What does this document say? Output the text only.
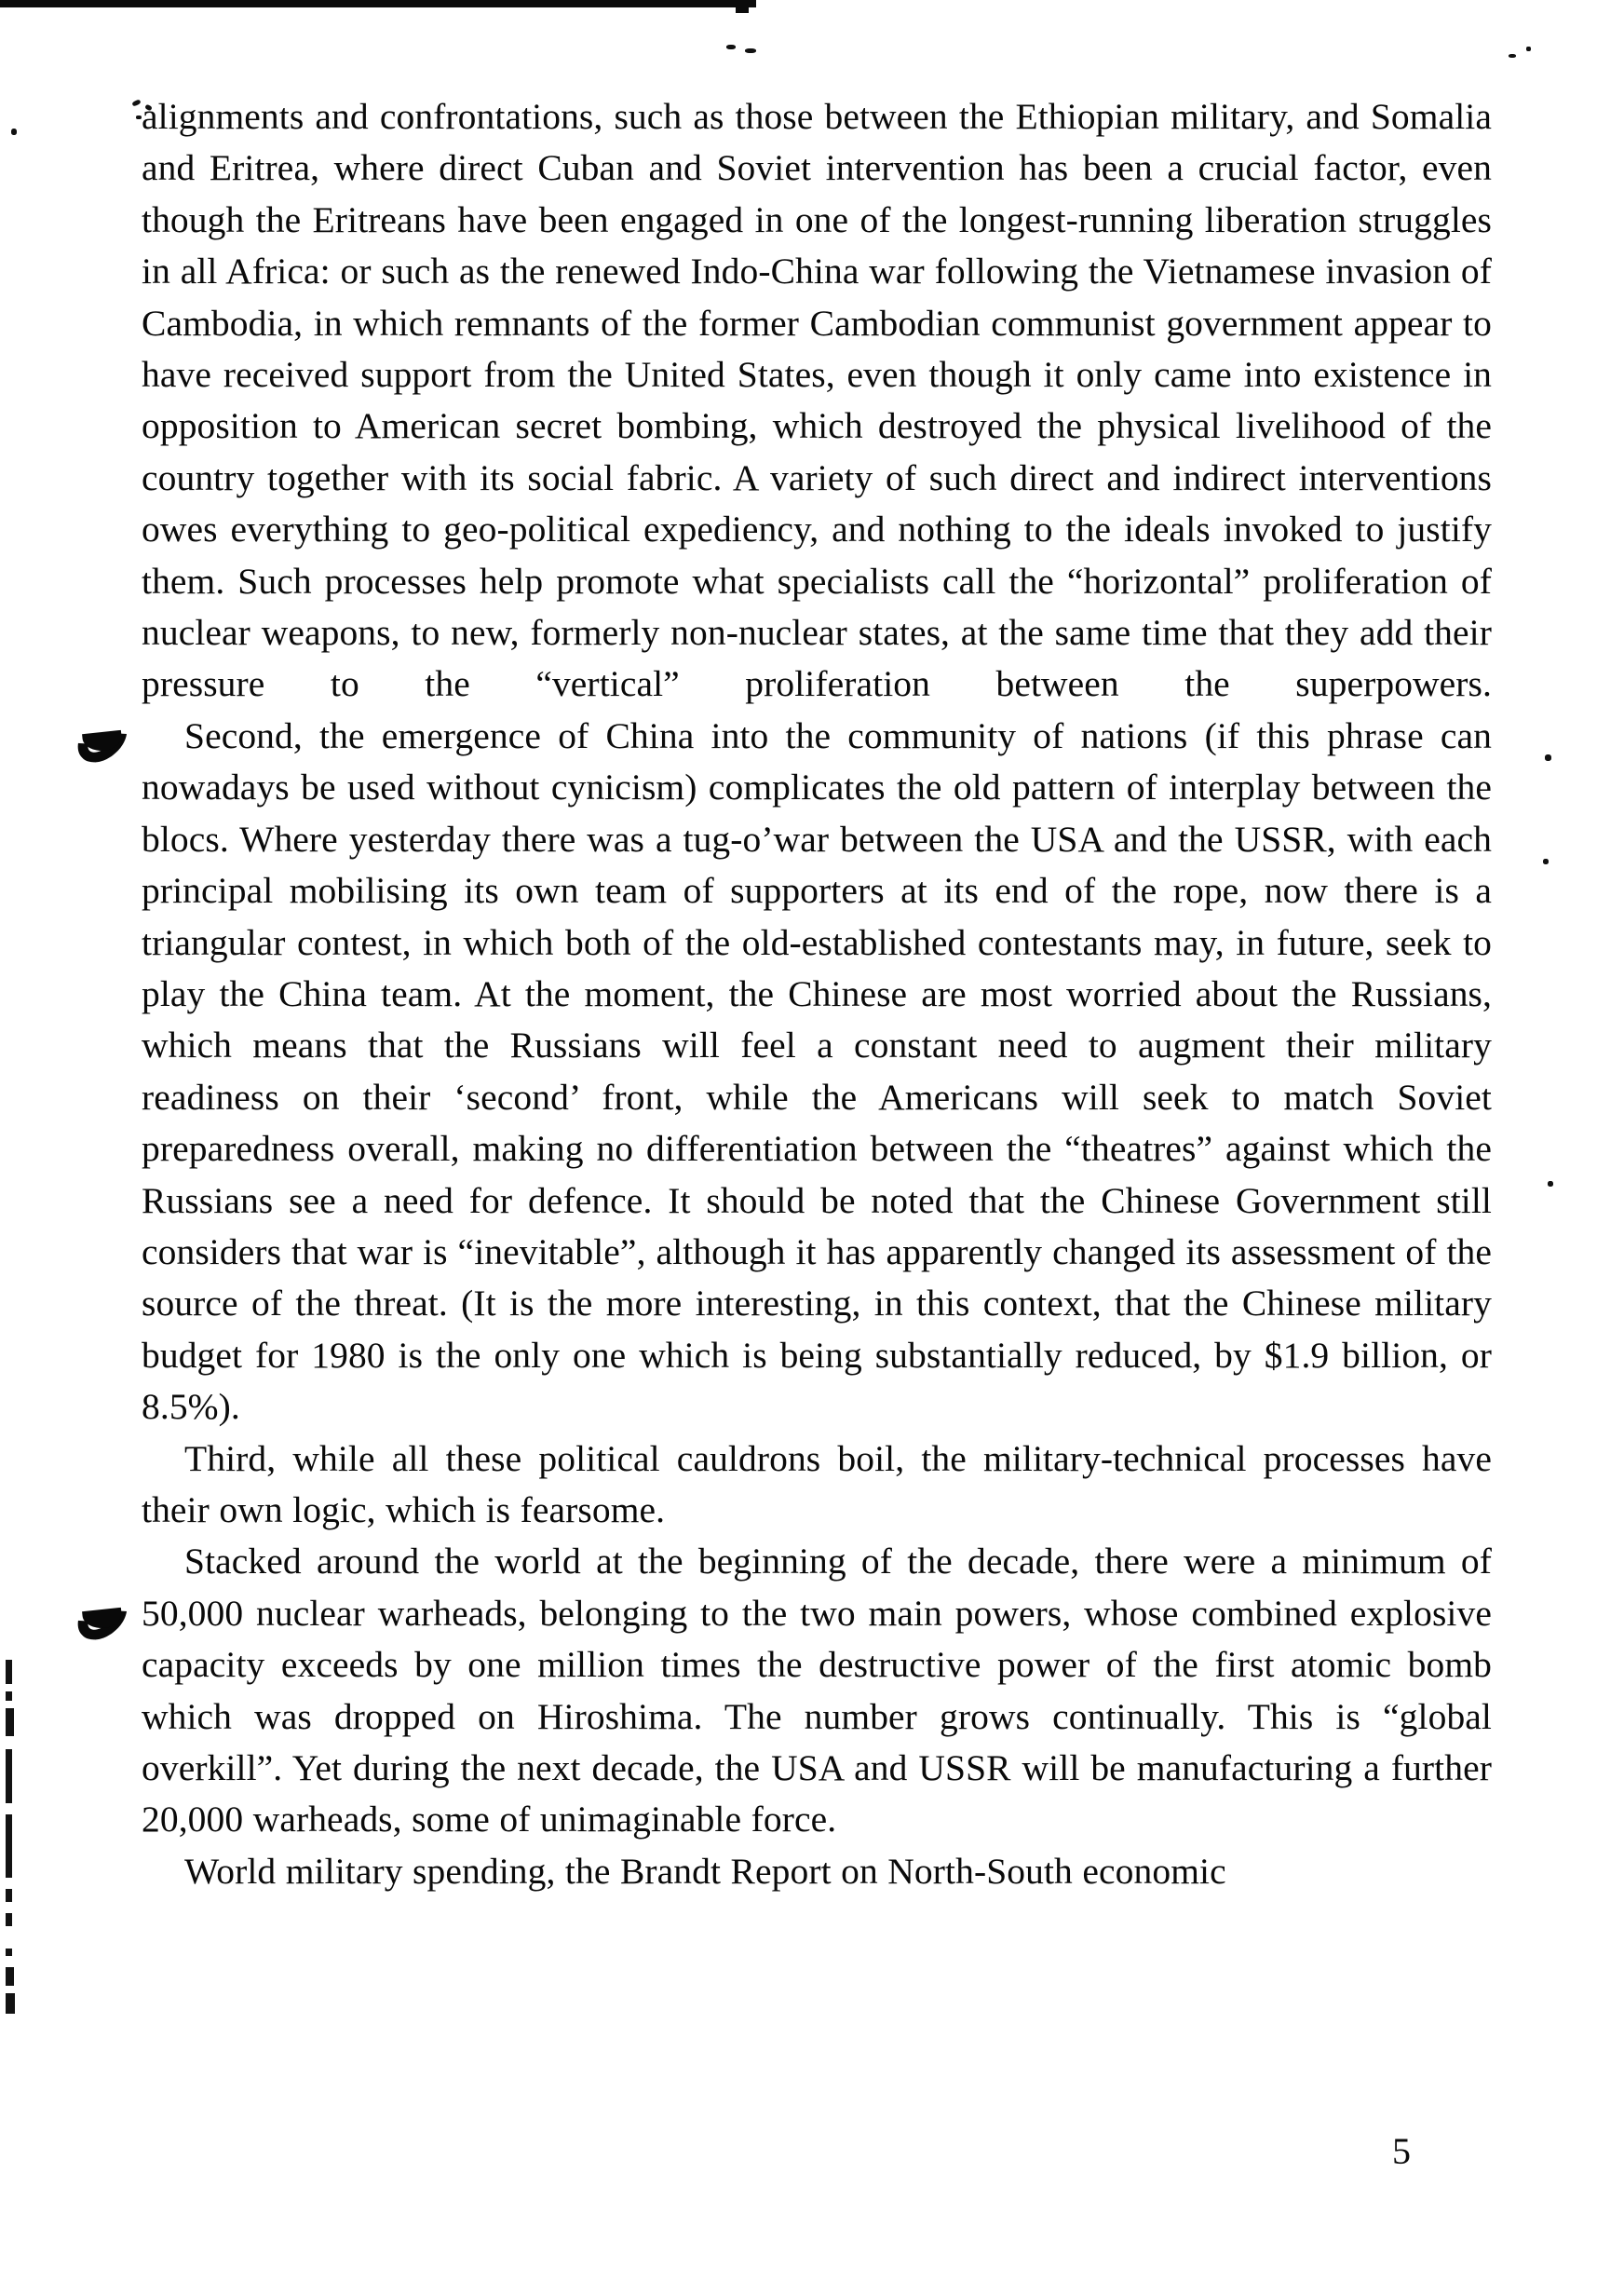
alignments and confrontations, such as those between the Ethiopian military, and Somalia and Eritrea, where direct Cuban and Soviet intervention has been a crucial factor, even though the Eritreans have been engaged in one of the longest-running liberation struggles in all Africa: or such as the renewed Indo-China war following the Vietnamese invasion of Cambodia, in which remnants of the former Cambodian communist government appear to have received support from the United States, even though it only came into existence in opposition to American secret bombing, which destroyed the physical livelihood of the country together with its social fabric. A variety of such direct and indirect interventions owes everything to geo-political expediency, and nothing to the ideals invoked to justify them. Such processes help promote what specialists call the “horizontal” proliferation of nuclear weapons, to new, formerly non-nuclear states, at the same time that they add their pressure to the “vertical” proliferation between the superpowers.

Second, the emergence of China into the community of nations (if this phrase can nowadays be used without cynicism) complicates the old pattern of interplay between the blocs. Where yesterday there was a tug-o’war between the USA and the USSR, with each principal mobilising its own team of supporters at its end of the rope, now there is a triangular contest, in which both of the old-established contestants may, in future, seek to play the China team. At the moment, the Chinese are most worried about the Russians, which means that the Russians will feel a constant need to augment their military readiness on their ‘second’ front, while the Americans will seek to match Soviet preparedness overall, making no differentiation between the “theatres” against which the Russians see a need for defence. It should be noted that the Chinese Government still considers that war is “inevitable”, although it has apparently changed its assessment of the source of the threat. (It is the more interesting, in this context, that the Chinese military budget for 1980 is the only one which is being substantially reduced, by $1.9 billion, or 8.5%).

Third, while all these political cauldrons boil, the military-technical processes have their own logic, which is fearsome.

Stacked around the world at the beginning of the decade, there were a minimum of 50,000 nuclear warheads, belonging to the two main powers, whose combined explosive capacity exceeds by one million times the destructive power of the first atomic bomb which was dropped on Hiroshima. The number grows continually. This is “global overkill”. Yet during the next decade, the USA and USSR will be manufacturing a further 20,000 warheads, some of unimaginable force.

World military spending, the Brandt Report on North-South economic

5
